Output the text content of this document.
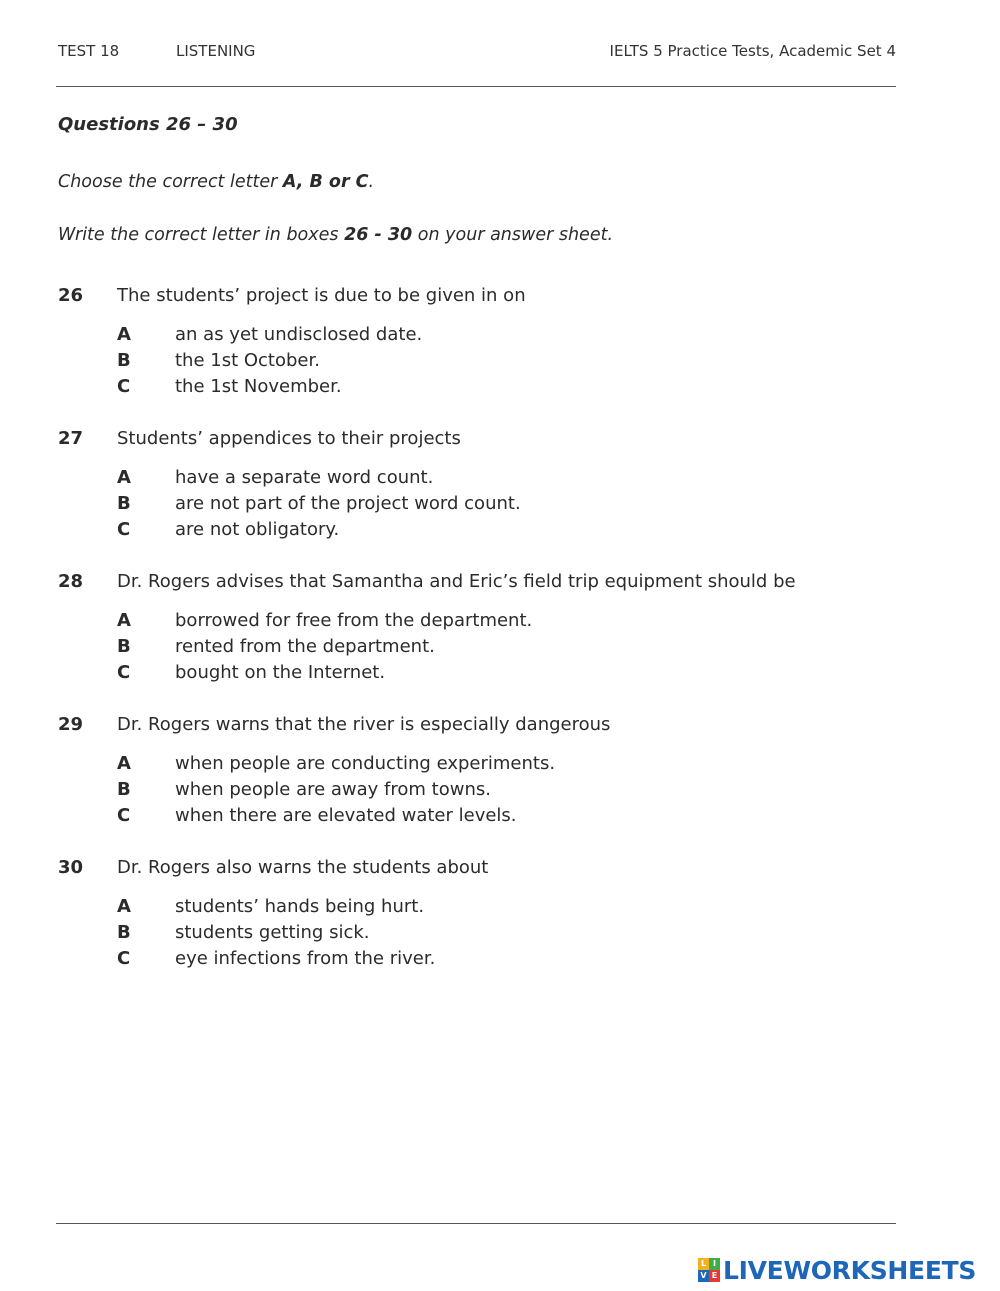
TEST 18	LISTENING	IELTS 5 Practice Tests, Academic Set 4
Questions 26 – 30
Choose the correct letter A, B or C.
Write the correct letter in boxes 26 - 30 on your answer sheet.
26 The students’ project is due to be given in on
A an as yet undisclosed date.
B the 1st October.
C the 1st November.
27 Students’ appendices to their projects
A have a separate word count.
B are not part of the project word count.
C are not obligatory.
28 Dr. Rogers advises that Samantha and Eric’s field trip equipment should be
A borrowed for free from the department.
B rented from the department.
C bought on the Internet.
29 Dr. Rogers warns that the river is especially dangerous
A when people are conducting experiments.
B when people are away from towns.
C when there are elevated water levels.
30 Dr. Rogers also warns the students about
A students’ hands being hurt.
B students getting sick.
C eye infections from the river.
L I
V E LIVEWORKSHEETS
